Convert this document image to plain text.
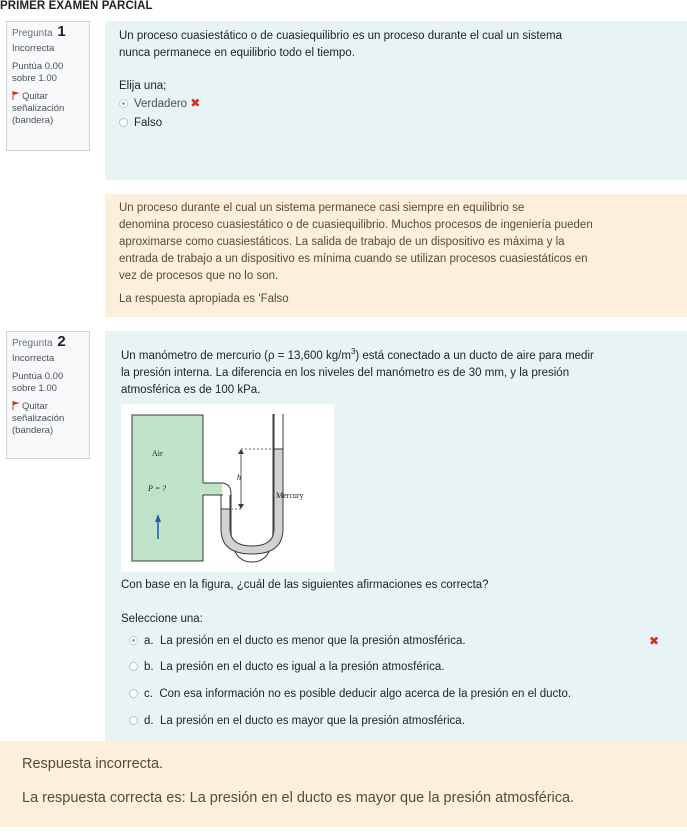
PRIMER EXAMEN PARCIAL
Pregunta 1
Incorrecta
Puntúa 0.00
sobre 1.00
Quitar
señalización
(bandera)
Un proceso cuasiestático o de cuasiequilibrio es un proceso durante el cual un sistema
nunca permanece en equilibrio todo el tiempo.
Elija una;
Verdadero ✖
Falso
Un proceso durante el cual un sistema permanece casi siempre en equilibrio se
denomina proceso cuasiestático o de cuasiequilibrio. Muchos procesos de ingeniería pueden
aproximarse como cuasiestáticos. La salida de trabajo de un dispositivo es máxima y la
entrada de trabajo a un dispositivo es mínima cuando se utilizan procesos cuasiestáticos en
vez de procesos que no lo son.
La respuesta apropiada es 'Falso
Pregunta 2
Incorrecta
Puntúa 0.00
sobre 1.00
Quitar
señalización
(bandera)
Un manómetro de mercurio (ρ = 13,600 $kg/m^3$) está conectado a un ducto de aire para medir
la presión interna. La diferencia en los niveles del manómetro es de 30 mm, y la presión
atmosférica es de 100 kPa.
Air
P = ?
h
Mercury
Con base en la figura, ¿cuál de las siguientes afirmaciones es correcta?
Seleccione una:
a. La presión en el ducto es menor que la presión atmosférica.	✖
b. La presión en el ducto es igual a la presión atmosférica.
c. Con esa información no es posible deducir algo acerca de la presión en el ducto.
d. La presión en el ducto es mayor que la presión atmosférica.
Respuesta incorrecta.
La respuesta correcta es: La presión en el ducto es mayor que la presión atmosférica.
